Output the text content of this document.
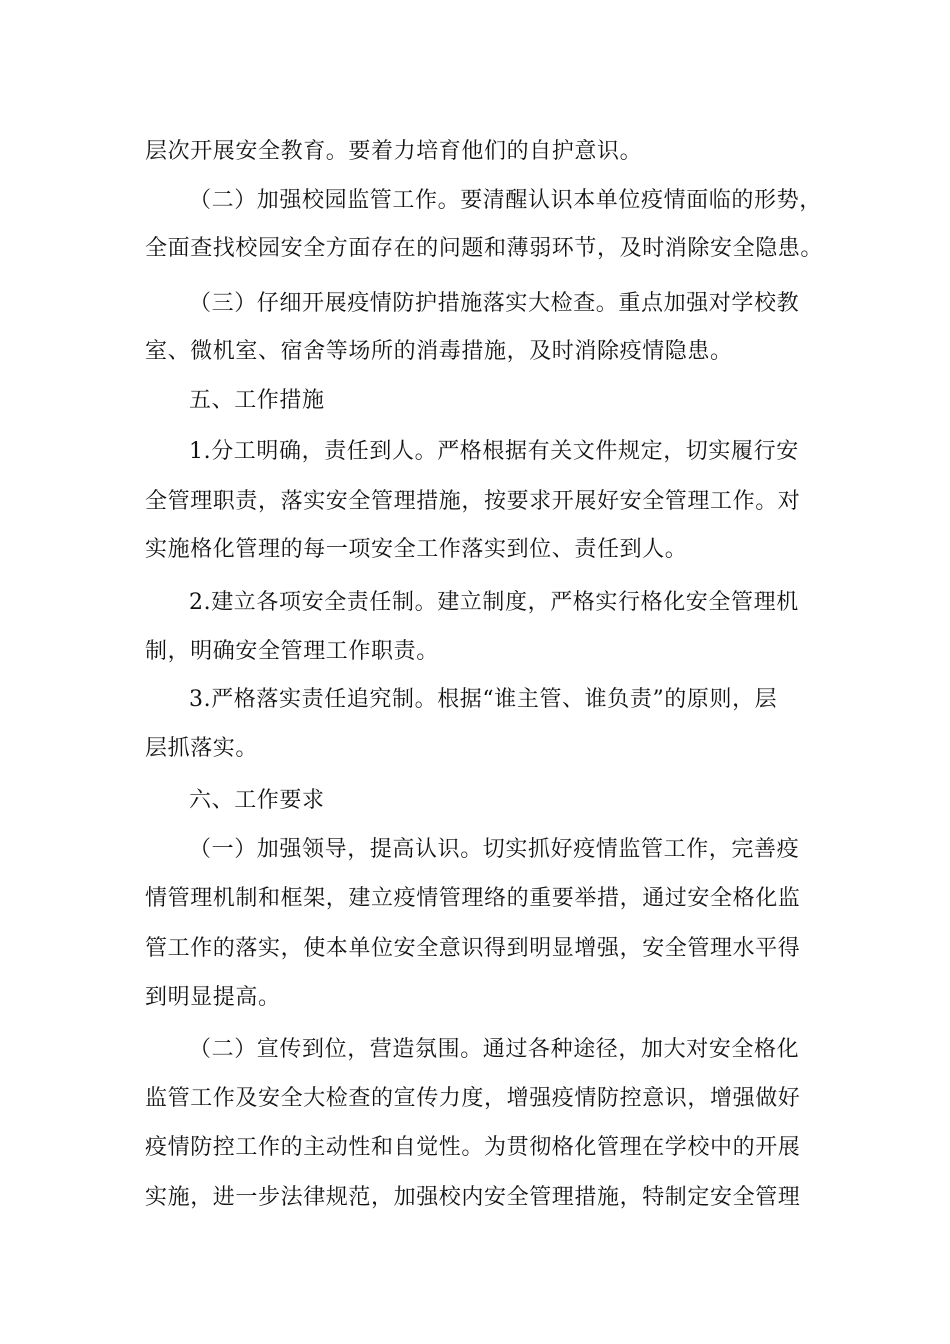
层次开展安全教育。要着力培育他们的自护意识。
（二）加强校园监管工作。要清醒认识本单位疫情面临的形势，
全面查找校园安全方面存在的问题和薄弱环节，及时消除安全隐患。
（三）仔细开展疫情防护措施落实大检查。重点加强对学校教
室、微机室、宿舍等场所的消毒措施，及时消除疫情隐患。
五、工作措施
1.分工明确，责任到人。严格根据有关文件规定，切实履行安
全管理职责，落实安全管理措施，按要求开展好安全管理工作。对
实施格化管理的每一项安全工作落实到位、责任到人。
2.建立各项安全责任制。建立制度，严格实行格化安全管理机
制，明确安全管理工作职责。
3.严格落实责任追究制。根据“谁主管、谁负责”的原则，层
层抓落实。
六、工作要求
（一）加强领导，提高认识。切实抓好疫情监管工作，完善疫
情管理机制和框架，建立疫情管理络的重要举措，通过安全格化监
管工作的落实，使本单位安全意识得到明显增强，安全管理水平得
到明显提高。
（二）宣传到位，营造氛围。通过各种途径，加大对安全格化
监管工作及安全大检查的宣传力度，增强疫情防控意识，增强做好
疫情防控工作的主动性和自觉性。为贯彻格化管理在学校中的开展
实施，进一步法律规范，加强校内安全管理措施，特制定安全管理
